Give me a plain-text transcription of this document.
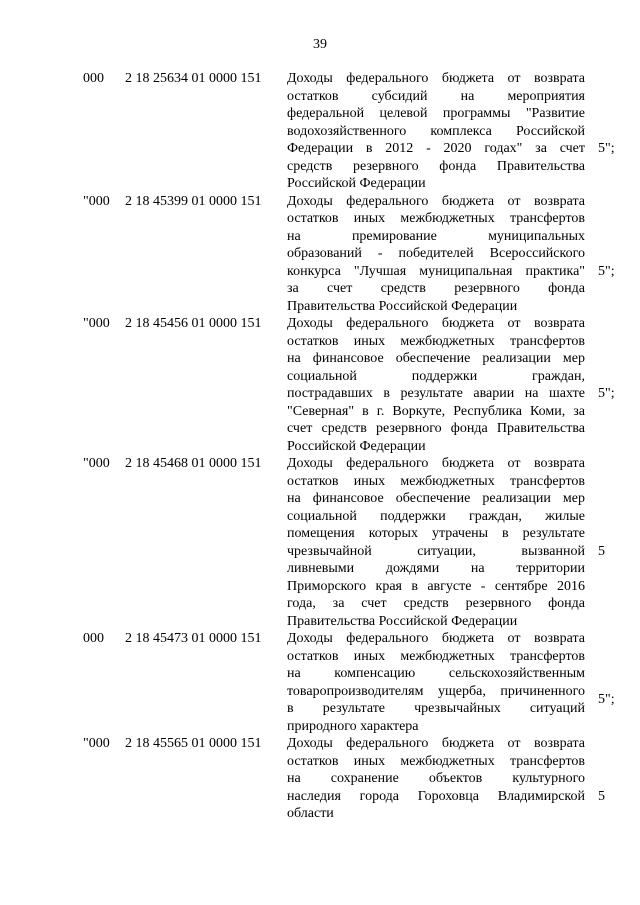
39
000 2 18 25634 01 0000 151 Доходы федерального бюджета от возврата
остатков субсидий на мероприятия
федеральной целевой программы "Развитие
водохозяйственного комплекса Российской
Федерации в 2012 - 2020 годах" за счет
средств резервного фонда Правительства
Российской Федерации
5";
"000 2 18 45399 01 0000 151 Доходы федерального бюджета от возврата
остатков иных межбюджетных трансфертов
на премирование муниципальных
образований - победителей Всероссийского
конкурса "Лучшая муниципальная практика"
за счет средств резервного фонда
Правительства Российской Федерации
5";
"000 2 18 45456 01 0000 151 Доходы федерального бюджета от возврата
остатков иных межбюджетных трансфертов
на финансовое обеспечение реализации мер
социальной поддержки граждан,
пострадавших в результате аварии на шахте
"Северная" в г. Воркуте, Республика Коми, за
счет средств резервного фонда Правительства
Российской Федерации
5";
"000 2 18 45468 01 0000 151 Доходы федерального бюджета от возврата
остатков иных межбюджетных трансфертов
на финансовое обеспечение реализации мер
социальной поддержки граждан, жилые
помещения которых утрачены в результате
чрезвычайной ситуации, вызванной
ливневыми дождями на территории
Приморского края в августе - сентябре 2016
года, за счет средств резервного фонда
Правительства Российской Федерации
5
000 2 18 45473 01 0000 151 Доходы федерального бюджета от возврата
остатков иных межбюджетных трансфертов
на компенсацию сельскохозяйственным
товаропроизводителям ущерба, причиненного
в результате чрезвычайных ситуаций
природного характера
5";
"000 2 18 45565 01 0000 151 Доходы федерального бюджета от возврата
остатков иных межбюджетных трансфертов
на сохранение объектов культурного
наследия города Гороховца Владимирской
области
5
